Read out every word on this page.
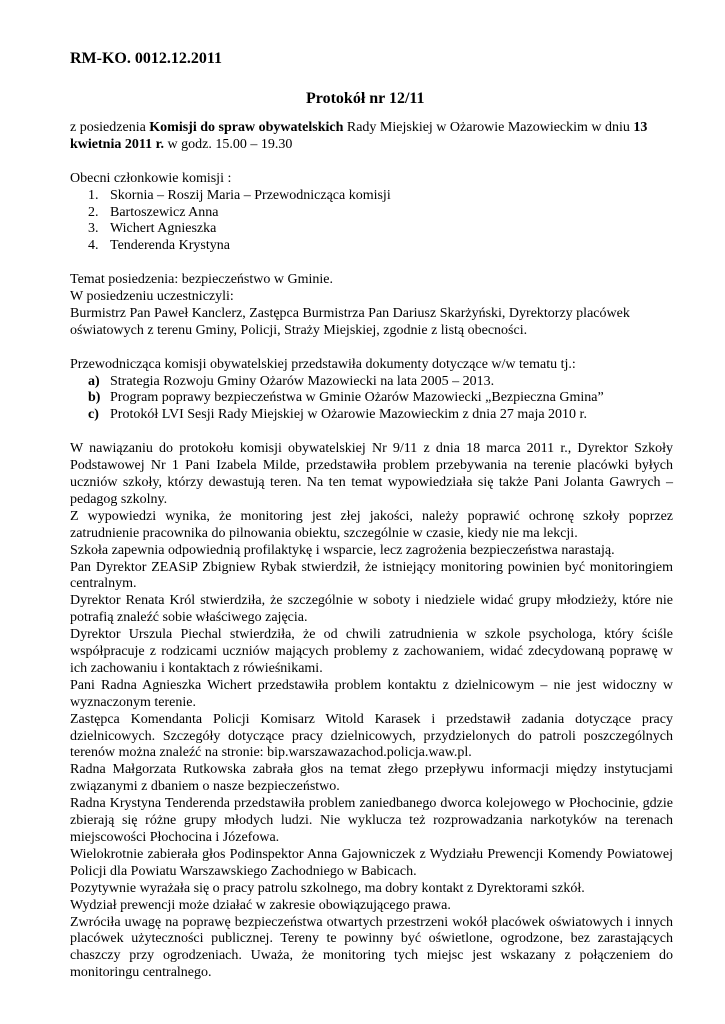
RM-KO. 0012.12.2011
Protokół nr 12/11

z posiedzenia Komisji do spraw obywatelskich Rady Miejskiej w Ożarowie Mazowieckim w dniu 13 kwietnia 2011 r. w godz. 15.00 – 19.30

Obecni członkowie komisji :

1. Skornia – Roszij Maria – Przewodnicząca komisji
2. Bartoszewicz Anna
3. Wichert Agnieszka
4. Tenderenda Krystyna

Temat posiedzenia: bezpieczeństwo w Gminie.

W posiedzeniu uczestniczyli:

Burmistrz Pan Paweł Kanclerz, Zastępca Burmistrza Pan Dariusz Skarżyński, Dyrektorzy placówek oświatowych z terenu Gminy, Policji, Straży Miejskiej, zgodnie z listą obecności.

Przewodnicząca komisji obywatelskiej przedstawiła dokumenty dotyczące w/w tematu tj.:

a) Strategia Rozwoju Gminy Ożarów Mazowiecki na lata 2005 – 2013.
b) Program poprawy bezpieczeństwa w Gminie Ożarów Mazowiecki „Bezpieczna Gmina”
c) Protokół LVI Sesji Rady Miejskiej w Ożarowie Mazowieckim z dnia 27 maja 2010 r.

W nawiązaniu do protokołu komisji obywatelskiej Nr 9/11 z dnia 18 marca 2011 r., Dyrektor Szkoły Podstawowej Nr 1 Pani Izabela Milde, przedstawiła problem przebywania na terenie placówki byłych uczniów szkoły, którzy dewastują teren. Na ten temat wypowiedziała się także Pani Jolanta Gawrych – pedagog szkolny.

Z wypowiedzi wynika, że monitoring jest złej jakości, należy poprawić ochronę szkoły poprzez zatrudnienie pracownika do pilnowania obiektu, szczególnie w czasie, kiedy nie ma lekcji.

Szkoła zapewnia odpowiednią profilaktykę i wsparcie, lecz zagrożenia bezpieczeństwa narastają.

Pan Dyrektor ZEASiP Zbigniew Rybak stwierdził, że istniejący monitoring powinien być monitoringiem centralnym.

Dyrektor Renata Król stwierdziła, że szczególnie w soboty i niedziele widać grupy młodzieży, które nie potrafią znaleźć sobie właściwego zajęcia.

Dyrektor Urszula Piechal stwierdziła, że od chwili zatrudnienia w szkole psychologa, który ściśle współpracuje z rodzicami uczniów mających problemy z zachowaniem, widać zdecydowaną poprawę w ich zachowaniu i kontaktach z rówieśnikami.

Pani Radna Agnieszka Wichert przedstawiła problem kontaktu z dzielnicowym – nie jest widoczny w wyznaczonym terenie.

Zastępca Komendanta Policji Komisarz Witold Karasek i przedstawił zadania dotyczące pracy dzielnicowych. Szczegóły dotyczące pracy dzielnicowych, przydzielonych do patroli poszczególnych terenów można znaleźć na stronie: bip.warszawazachod.policja.waw.pl.

Radna Małgorzata Rutkowska zabrała głos na temat złego przepływu informacji między instytucjami związanymi z dbaniem o nasze bezpieczeństwo.

Radna Krystyna Tenderenda przedstawiła problem zaniedbanego dworca kolejowego w Płochocinie, gdzie zbierają się różne grupy młodych ludzi. Nie wyklucza też rozprowadzania narkotyków na terenach miejscowości Płochocina i Józefowa.

Wielokrotnie zabierała głos Podinspektor Anna Gajowniczek z Wydziału Prewencji Komendy Powiatowej Policji dla Powiatu Warszawskiego Zachodniego w Babicach.

Pozytywnie wyrażała się o pracy patrolu szkolnego, ma dobry kontakt z Dyrektorami szkół.

Wydział prewencji może działać w zakresie obowiązującego prawa.

Zwróciła uwagę na poprawę bezpieczeństwa otwartych przestrzeni wokół placówek oświatowych i innych placówek użyteczności publicznej. Tereny te powinny być oświetlone, ogrodzone, bez zarastających chaszczy przy ogrodzeniach. Uważa, że monitoring tych miejsc jest wskazany z połączeniem do monitoringu centralnego.
